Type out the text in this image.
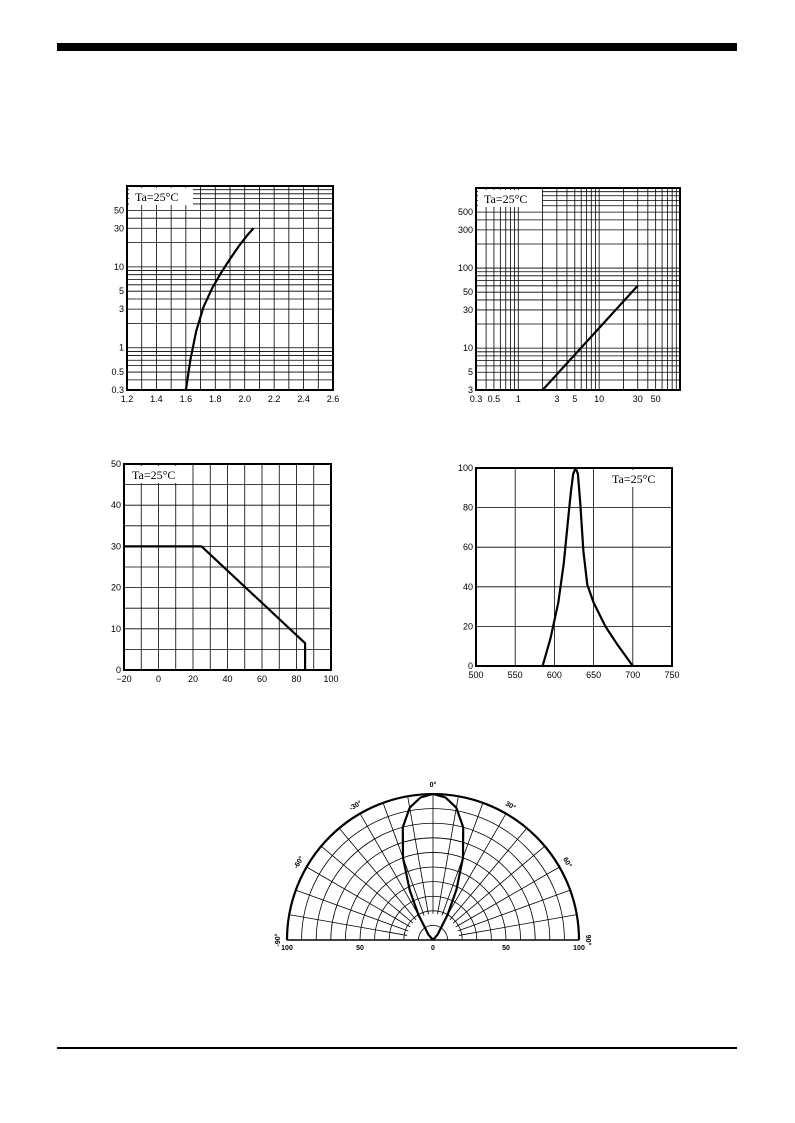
1.2 1.4 1.6 1.8 2.0 2.2 2.4 2.6
0.3
0.5
1
3
5
10
30
50
Ta=25°C
0.3 0.5 1	3 5 10	30 50
3
5
10
30
50
100
300
500
Ta=25°C
−20	0	20	40	60	80 100
0
10
20
30
40
50
Ta=25°C
500	550	600	650	700	750
0
20
40
60
80
100
Ta=25°C
100	50	0	50	100
-90°
-60°
-30°
0°
30°
60°
90°
